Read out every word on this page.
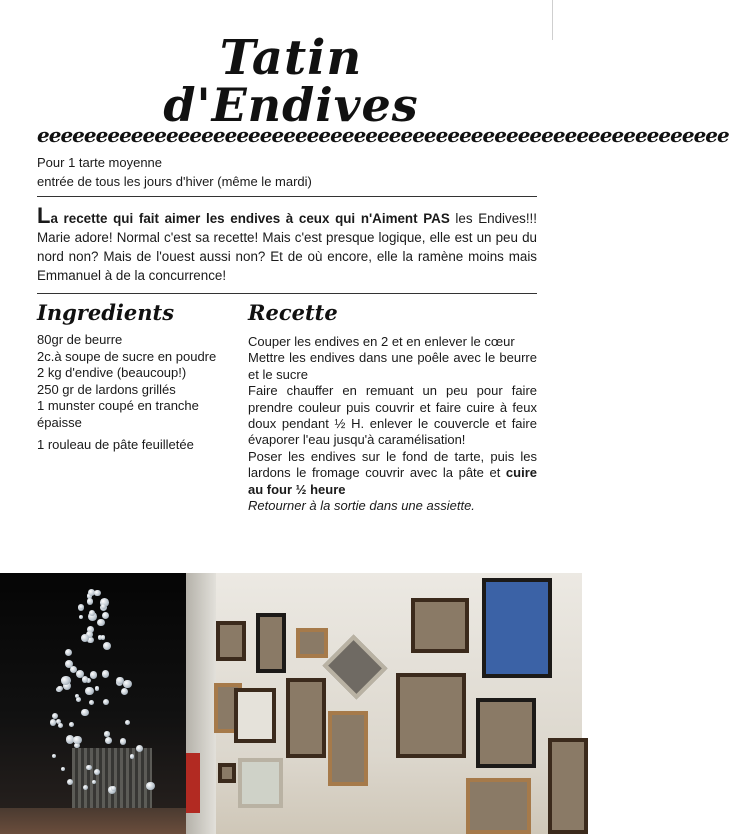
Tatin
d'Endives
eeeeeeeeeeeeeeeeeeeeeeeeeeeeeeeeeeeeeeeeeeeeeeeeeeeeeeeeeee
Pour 1 tarte moyenne
entrée de tous les jours d'hiver (même le mardi)
La recette qui fait aimer les endives à ceux qui n'Aiment PAS les Endives!!! Marie adore! Normal c'est sa recette! Mais c'est presque logique, elle est un peu du nord non? Mais de l'ouest aussi non? Et de où encore, elle la ramène moins mais Emmanuel à de la concurrence!
Ingredients	Recette
80gr de beurre
2c.à soupe de sucre en poudre
2 kg d'endive (beaucoup!)
250 gr de lardons grillés
1 munster coupé en tranche épaisse
1 rouleau de pâte feuilletée
Couper les endives en 2 et en enlever le cœur
Mettre les endives dans une poêle avec le beurre et le sucre
Faire chauffer en remuant un peu pour faire prendre couleur puis couvrir et faire cuire à feux doux pendant ½ H. enlever le couvercle et faire évaporer l'eau jusqu'à caramélisation!
Poser les endives sur le fond de tarte, puis les lardons le fromage couvrir avec la pâte et cuire au four ½ heure
Retourner à la sortie dans une assiette.
